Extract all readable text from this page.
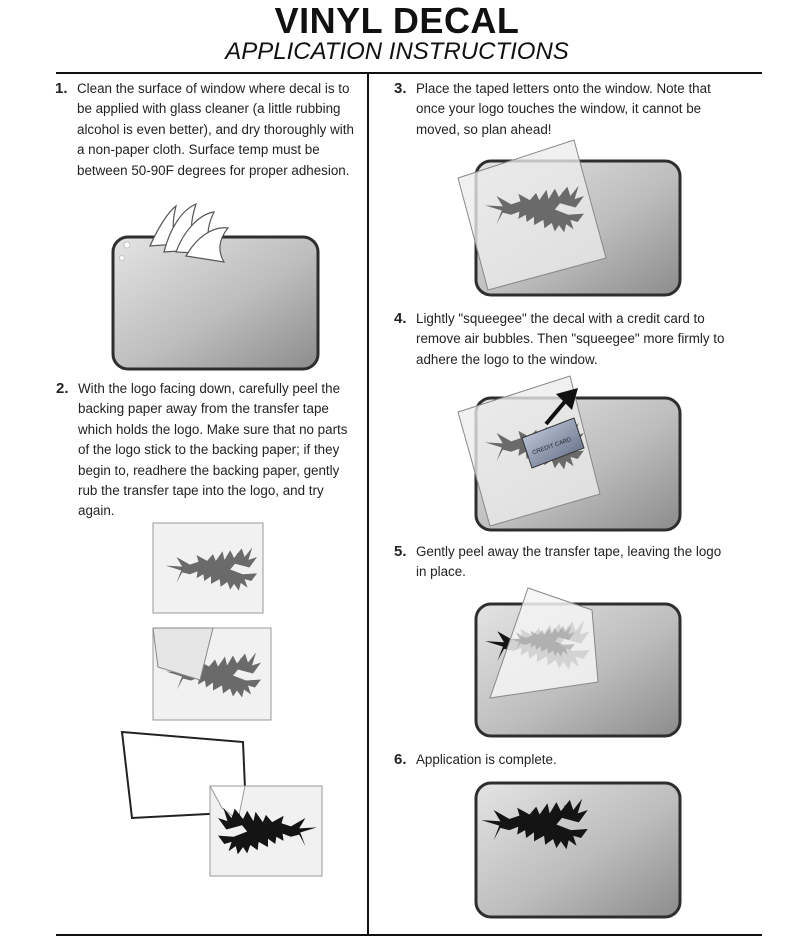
VINYL DECAL
APPLICATION INSTRUCTIONS
1. Clean the surface of window where decal is to be applied with glass cleaner (a little rubbing alcohol is even better), and dry thoroughly with a non-paper cloth. Surface temp must be between 50-90F degrees for proper adhesion.
2. With the logo facing down, carefully peel the backing paper away from the transfer tape which holds the logo. Make sure that no parts of the logo stick to the backing paper; if they begin to, readhere the backing paper, gently rub the transfer tape into the logo, and try again.
3. Place the taped letters onto the window. Note that once your logo touches the window, it cannot be moved, so plan ahead!
4. Lightly "squeegee" the decal with a credit card to remove air bubbles. Then "squeegee" more firmly to adhere the logo to the window.
5. Gently peel away the transfer tape, leaving the logo in place.
6. Application is complete.
CREDIT CARD
